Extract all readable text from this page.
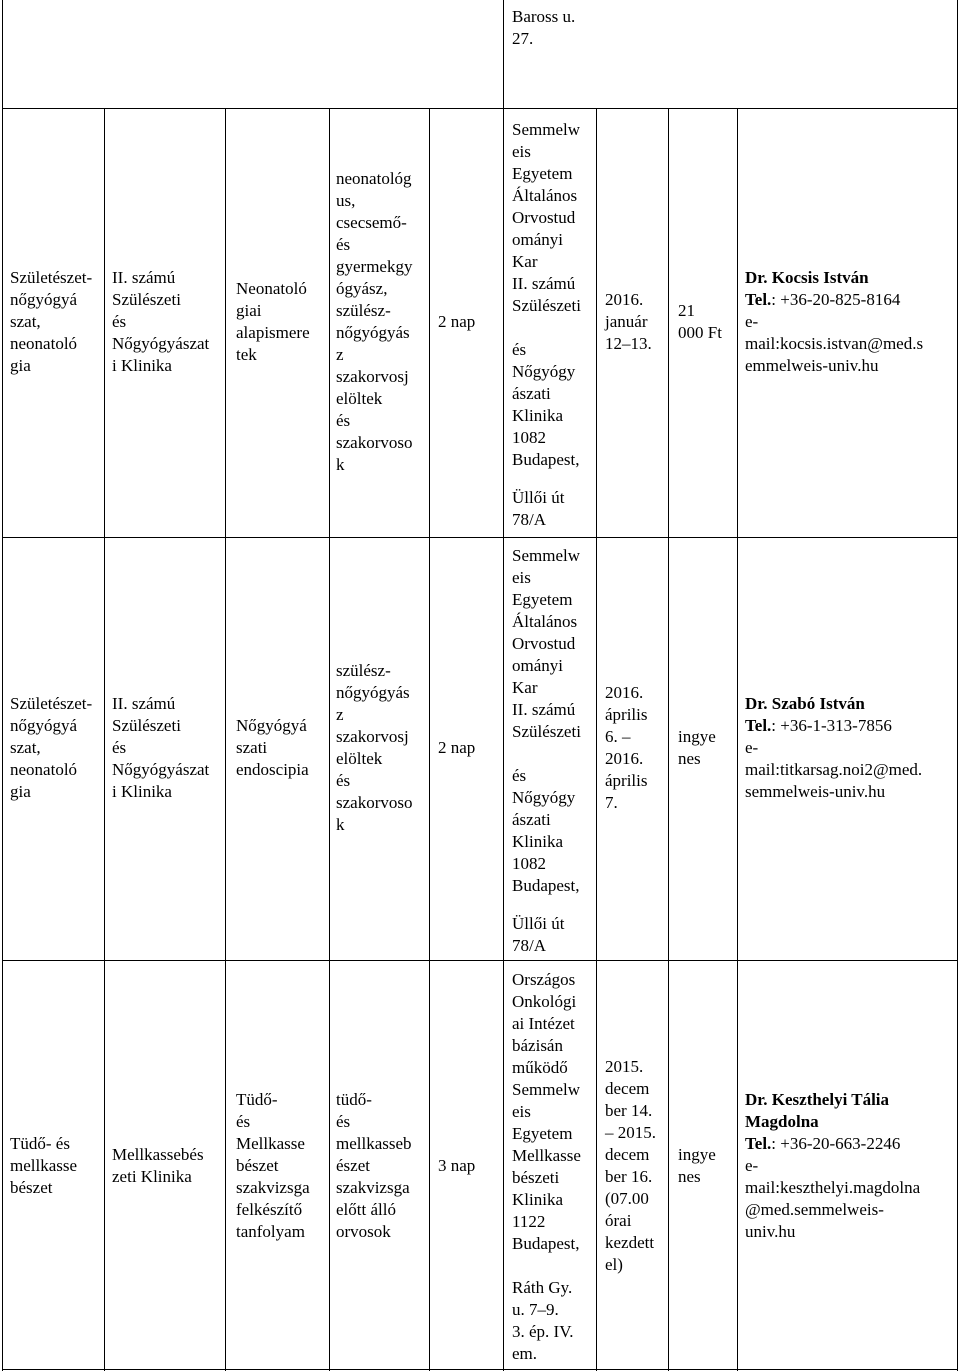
Baross u.
27.
Születészet-
nőgyógyá
szat,
neonatoló
gia
II. számú
Szülészeti
és
Nőgyógyászat
i Klinika
Neonatoló
giai
alapismere
tek
neonatológ
us,
csecsemő-
és
gyermekgy
ógyász,
szülész-
nőgyógyás
z
szakorvosj
elöltek
és
szakorvoso
k
2 nap
Semmelw
eis
Egyetem
Általános
Orvostud
ományi
Kar
II. számú
Szülészeti

és
Nőgyógy
ászati
Klinika
1082
Budapest,
Üllői út
78/A
2016.
január
12–13.
21
000 Ft
Dr. Kocsis István
Tel.: +36-20-825-8164
e-
mail:kocsis.istvan@med.s
emmelweis-univ.hu
Születészet-
nőgyógyá
szat,
neonatoló
gia
II. számú
Szülészeti
és
Nőgyógyászat
i Klinika
Nőgyógyá
szati
endoscipia
szülész-
nőgyógyás
z
szakorvosj
elöltek
és
szakorvoso
k
2 nap
Semmelw
eis
Egyetem
Általános
Orvostud
ományi
Kar
II. számú
Szülészeti

és
Nőgyógy
ászati
Klinika
1082
Budapest,
Üllői út
78/A
2016.
április
6. –
2016.
április
7.
ingye
nes
Dr. Szabó István
Tel.: +36-1-313-7856
e-
mail:titkarsag.noi2@med.
semmelweis-univ.hu
Tüdő- és
mellkasse
bészet
Mellkassebés
zeti Klinika
Tüdő-
és
Mellkasse
bészet
szakvizsga
felkészítő
tanfolyam
tüdő-
és
mellkasseb
észet
szakvizsga
előtt álló
orvosok
3 nap
Országos
Onkológi
ai Intézet
bázisán
működő
Semmelw
eis
Egyetem
Mellkasse
bészeti
Klinika
1122
Budapest,

Ráth Gy.
u. 7–9.
3. ép. IV.
em.
2015.
decem
ber 14.
– 2015.
decem
ber 16.
(07.00
órai
kezdett
el)
ingye
nes
Dr. Keszthelyi Tália
Magdolna
Tel.: +36-20-663-2246
e-
mail:keszthelyi.magdolna
@med.semmelweis-
univ.hu
